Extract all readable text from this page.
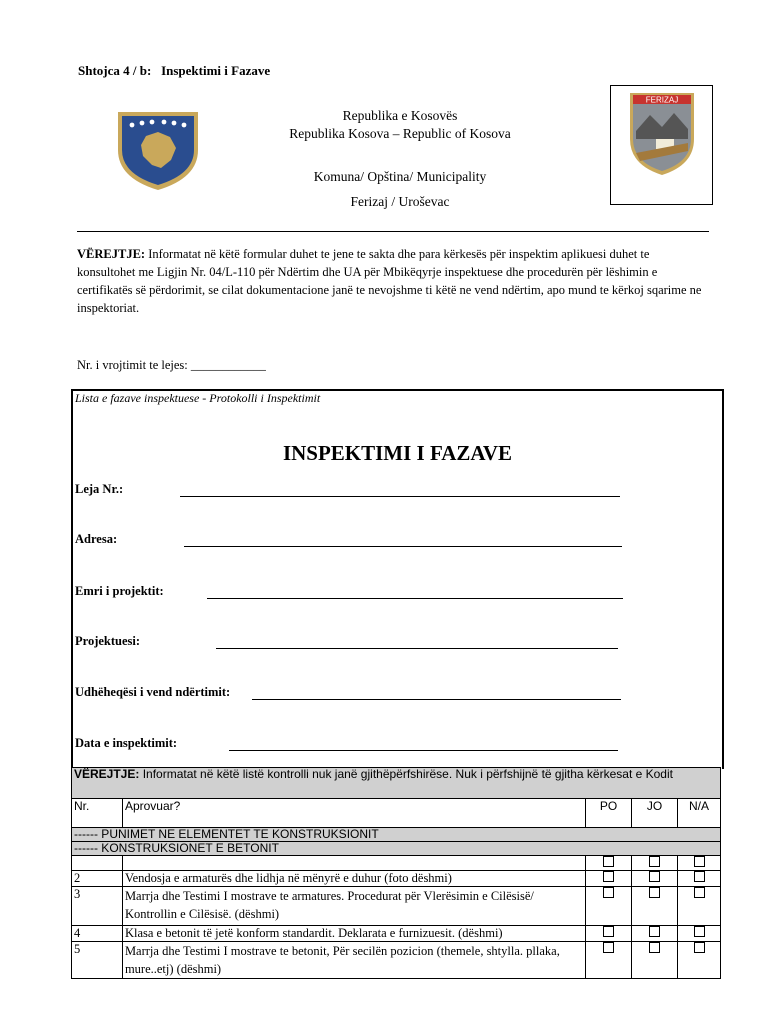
Shtojca 4 / b: Inspektimi i Fazave
Republika e Kosovës
Republika Kosova – Republic of Kosova
Komuna/ Opština/ Municipality
Ferizaj / Uroševac
FERIZAJ
VËREJTJE: Informatat në këtë formular duhet te jene te sakta dhe para kërkesës për inspektim aplikuesi duhet te konsultohet me Ligjin Nr. 04/L-110 për Ndërtim dhe UA për Mbikëqyrje inspektuese dhe procedurën për lëshimin e certifikatës së përdorimit, se cilat dokumentacione janë te nevojshme ti këtë ne vend ndërtim, apo mund te kërkoj sqarime ne inspektoriat.
Nr. i vrojtimit te lejes: ____________
Lista e fazave inspektuese - Protokolli i Inspektimit
INSPEKTIMI I FAZAVE
Leja Nr.:
Adresa:
Emri i projektit:
Projektuesi:
Udhëheqësi i vend ndërtimit:
Data e inspektimit:
VËREJTJE: Informatat në këtë listë kontrolli nuk janë gjithëpërfshirëse. Nuk i përfshijnë të gjitha kërkesat e Kodit				
Nr.	Aprovuar?	PO	JO	N/A
------ PUNIMET NE ELEMENTET TE KONSTRUKSIONIT				
------ KONSTRUKSIONET E BETONIT				

2	Vendosja e armaturës dhe lidhja në mënyrë e duhur (foto dëshmi)			
3	Marrja dhe Testimi I mostrave te armatures. Procedurat për Vlerësimin e Cilësisë/ Kontrollin e Cilësisë. (dëshmi)			
4	Klasa e betonit të jetë konform standardit. Deklarata e furnizuesit. (dëshmi)			
5	Marrja dhe Testimi I mostrave te betonit, Për secilën pozicion (themele, shtylla. pllaka, mure..etj) (dëshmi)			
